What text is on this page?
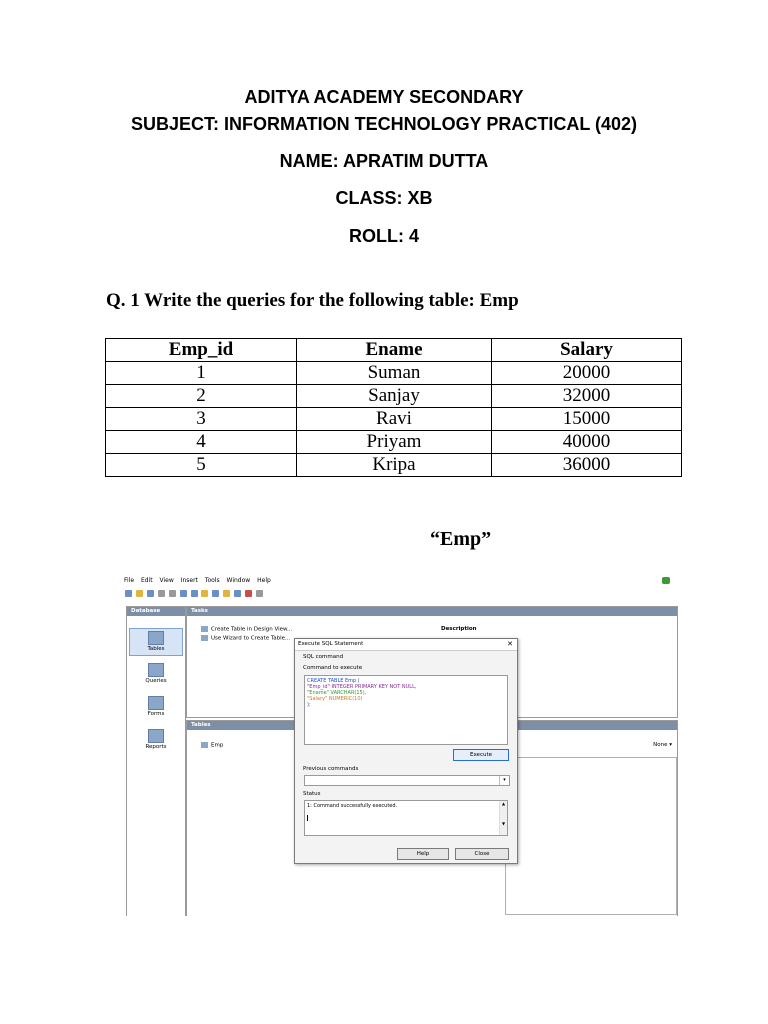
ADITYA ACADEMY SECONDARY
SUBJECT: INFORMATION TECHNOLOGY PRACTICAL (402)
NAME: APRATIM DUTTA
CLASS: XB
ROLL: 4
Q. 1 Write the queries for the following table: Emp
Emp_id	Ename	Salary
1	Suman	20000
2	Sanjay	32000
3	Ravi	15000
4	Priyam	40000
5	Kripa	36000
“Emp”
File Edit View Insert Tools Window Help

Database
Tables
Queries
Forms
Reports
Tasks
Create Table in Design View...
Use Wizard to Create Table...
Description
Tables
Emp	None ▾
Execute SQL Statement	✕
SQL command
Command to execute
CREATE TABLE Emp (
"Emp_id" INTEGER PRIMARY KEY NOT NULL,
"Ename" VARCHAR(15),
"Salary" NUMERIC(10)
);
Execute
Previous commands
▾
Status
1: Command successfully executed.	▲

▼
Help	Close
